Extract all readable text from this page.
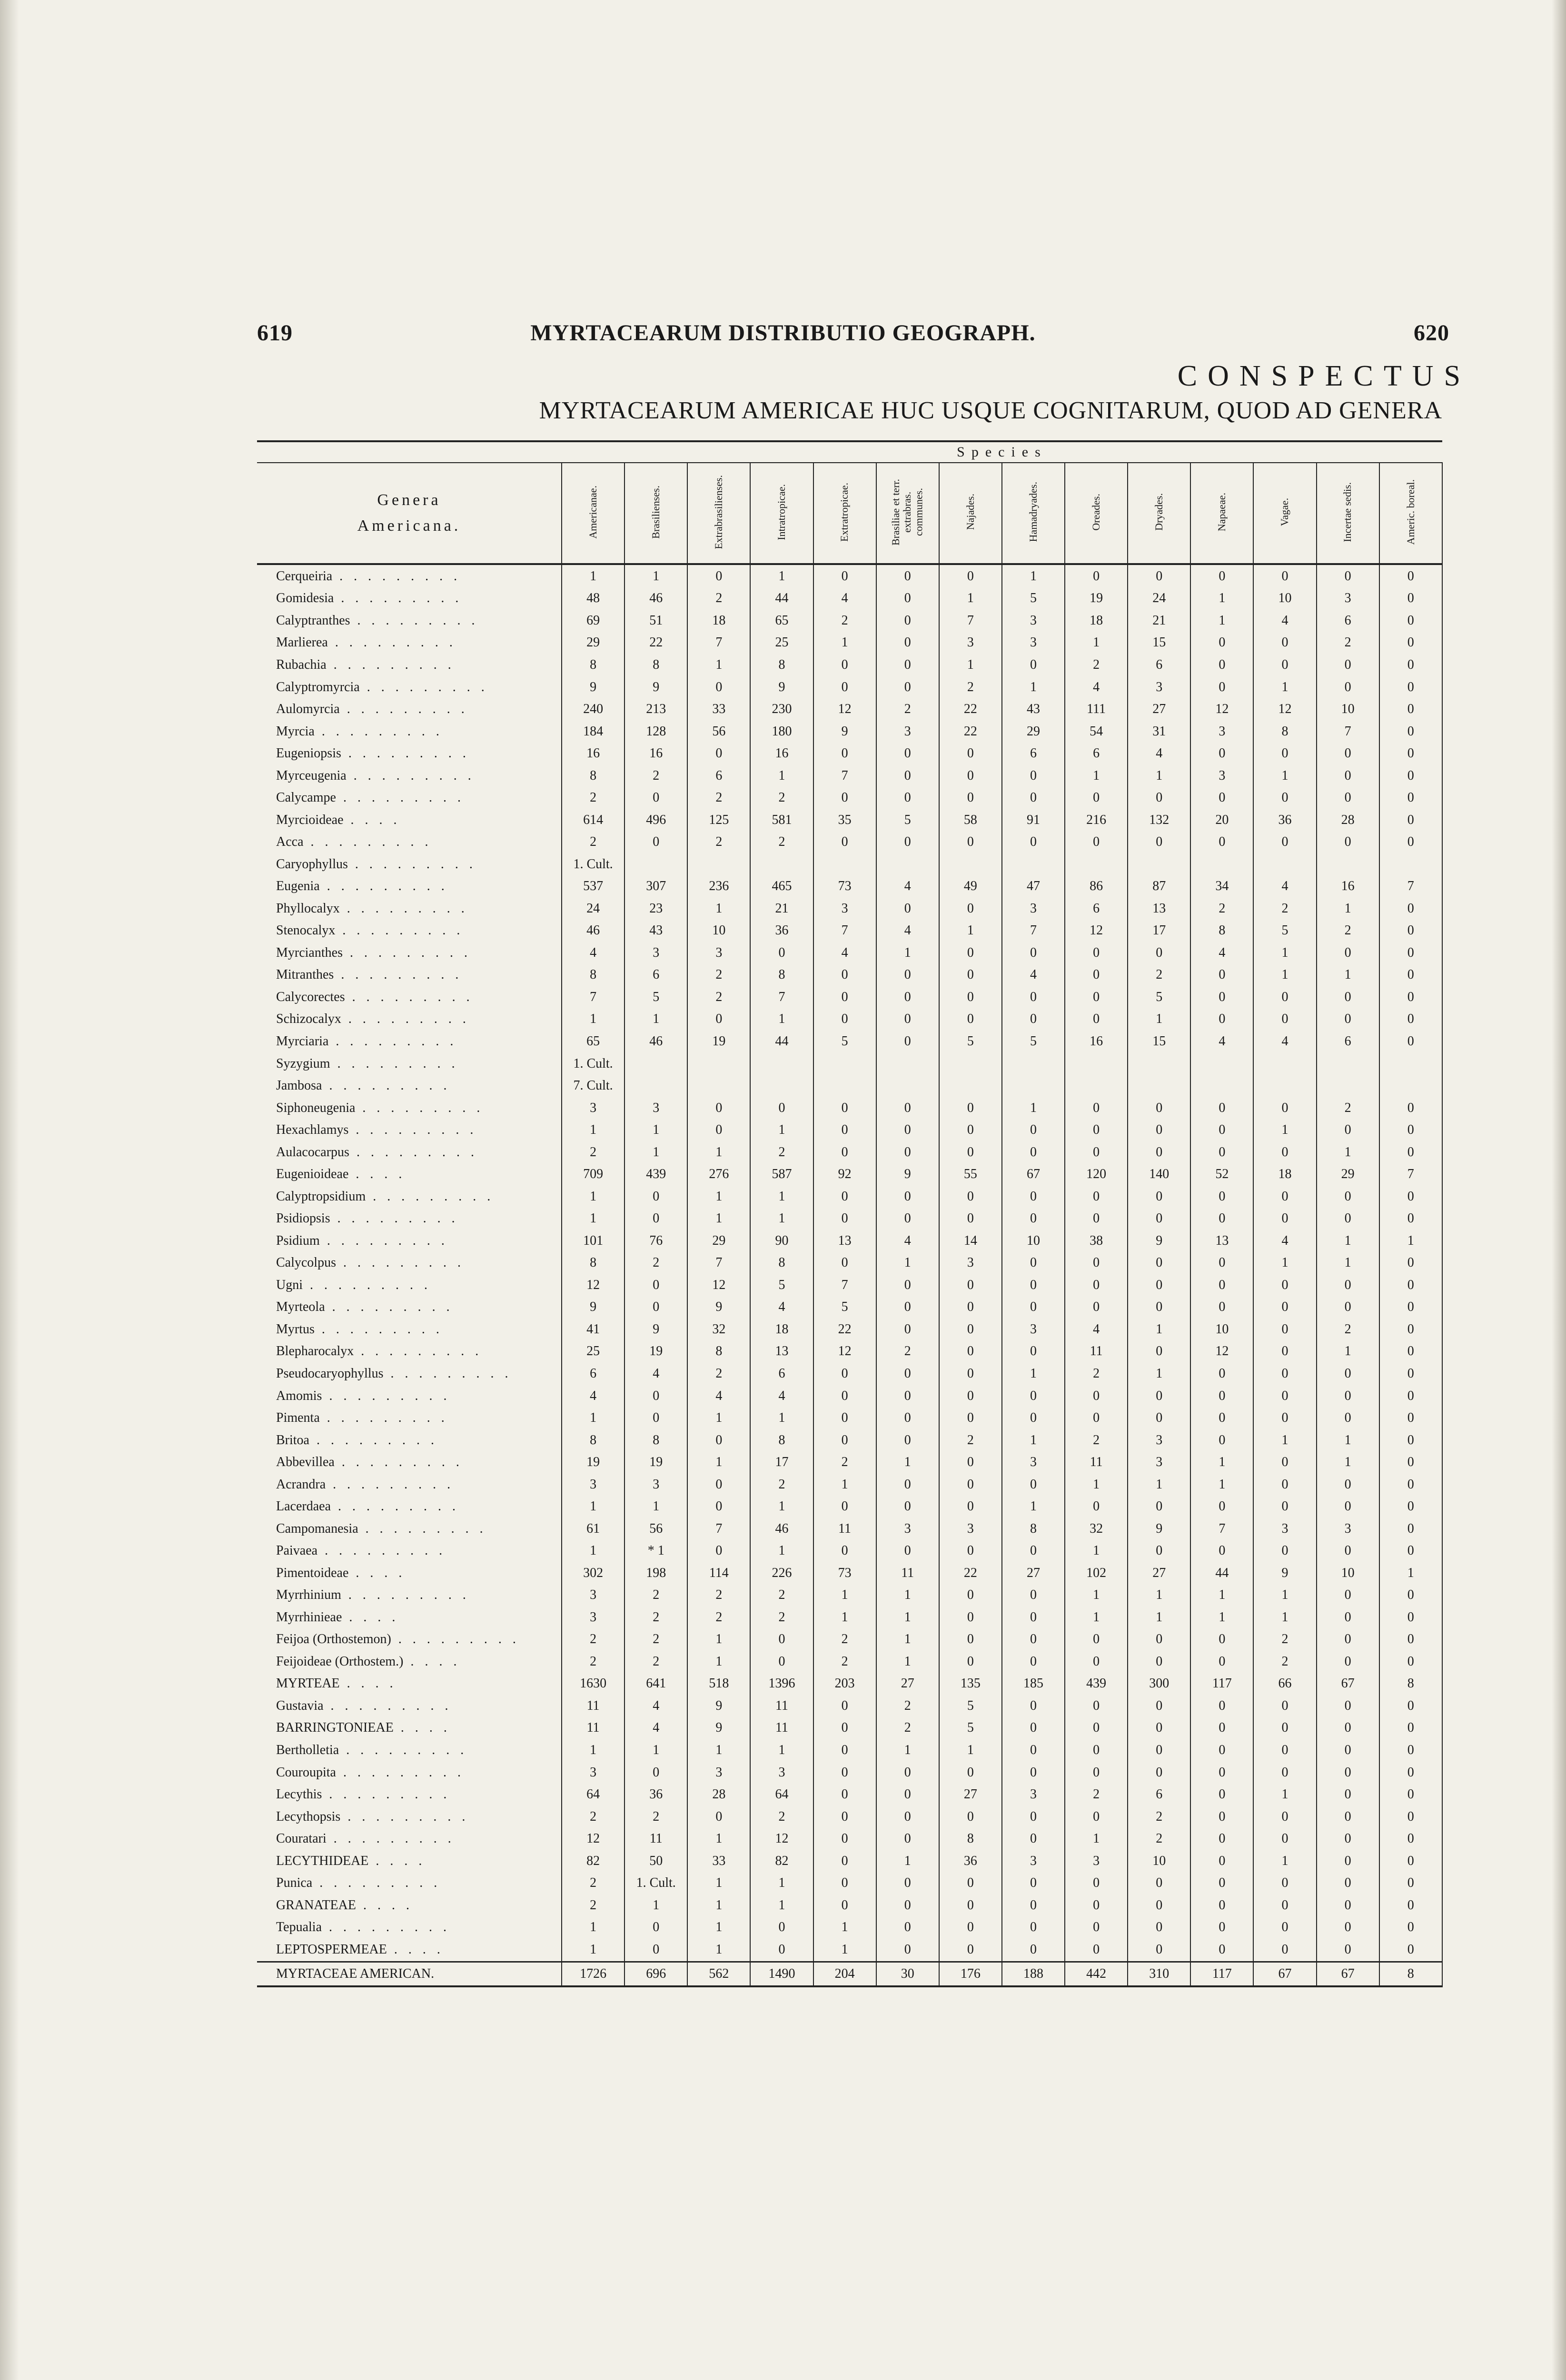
619	MYRTACEARUM DISTRIBUTIO GEOGRAPH.	620
CONSPECTUS
MYRTACEARUM AMERICAE HUC USQUE COGNITARUM, QUOD AD GENERA
	Species													

Genera
Americana.	Americanae.	Brasilienses.	Extrabrasilienses.	Intratropicae.	Extratropicae.	Brasiliae et terr. extrabras. communes.	Najades.	Hamadryades.	Oreades.	Dryades.	Napaeae.	Vagae.	Incertae sedis.	Americ. boreal.
Cerqueiria . . . . . . . . .	1	1	0	1	0	0	0	1	0	0	0	0	0	0
Gomidesia . . . . . . . . .	48	46	2	44	4	0	1	5	19	24	1	10	3	0
Calyptranthes . . . . . . . . .	69	51	18	65	2	0	7	3	18	21	1	4	6	0
Marlierea . . . . . . . . .	29	22	7	25	1	0	3	3	1	15	0	0	2	0
Rubachia . . . . . . . . .	8	8	1	8	0	0	1	0	2	6	0	0	0	0
Calyptromyrcia . . . . . . . . .	9	9	0	9	0	0	2	1	4	3	0	1	0	0
Aulomyrcia . . . . . . . . .	240	213	33	230	12	2	22	43	111	27	12	12	10	0
Myrcia . . . . . . . . .	184	128	56	180	9	3	22	29	54	31	3	8	7	0
Eugeniopsis . . . . . . . . .	16	16	0	16	0	0	0	6	6	4	0	0	0	0
Myrceugenia . . . . . . . . .	8	2	6	1	7	0	0	0	1	1	3	1	0	0
Calycampe . . . . . . . . .	2	0	2	2	0	0	0	0	0	0	0	0	0	0
Myrcioideae . . . .	614	496	125	581	35	5	58	91	216	132	20	36	28	0
Acca . . . . . . . . .	2	0	2	2	0	0	0	0	0	0	0	0	0	0
Caryophyllus . . . . . . . . .	1. Cult.													
Eugenia . . . . . . . . .	537	307	236	465	73	4	49	47	86	87	34	4	16	7
Phyllocalyx . . . . . . . . .	24	23	1	21	3	0	0	3	6	13	2	2	1	0
Stenocalyx . . . . . . . . .	46	43	10	36	7	4	1	7	12	17	8	5	2	0
Myrcianthes . . . . . . . . .	4	3	3	0	4	1	0	0	0	0	4	1	0	0
Mitranthes . . . . . . . . .	8	6	2	8	0	0	0	4	0	2	0	1	1	0
Calycorectes . . . . . . . . .	7	5	2	7	0	0	0	0	0	5	0	0	0	0
Schizocalyx . . . . . . . . .	1	1	0	1	0	0	0	0	0	1	0	0	0	0
Myrciaria . . . . . . . . .	65	46	19	44	5	0	5	5	16	15	4	4	6	0
Syzygium . . . . . . . . .	1. Cult.													
Jambosa . . . . . . . . .	7. Cult.													
Siphoneugenia . . . . . . . . .	3	3	0	0	0	0	0	1	0	0	0	0	2	0
Hexachlamys . . . . . . . . .	1	1	0	1	0	0	0	0	0	0	0	1	0	0
Aulacocarpus . . . . . . . . .	2	1	1	2	0	0	0	0	0	0	0	0	1	0
Eugenioideae . . . .	709	439	276	587	92	9	55	67	120	140	52	18	29	7
Calyptropsidium . . . . . . . . .	1	0	1	1	0	0	0	0	0	0	0	0	0	0
Psidiopsis . . . . . . . . .	1	0	1	1	0	0	0	0	0	0	0	0	0	0
Psidium . . . . . . . . .	101	76	29	90	13	4	14	10	38	9	13	4	1	1
Calycolpus . . . . . . . . .	8	2	7	8	0	1	3	0	0	0	0	1	1	0
Ugni . . . . . . . . .	12	0	12	5	7	0	0	0	0	0	0	0	0	0
Myrteola . . . . . . . . .	9	0	9	4	5	0	0	0	0	0	0	0	0	0
Myrtus . . . . . . . . .	41	9	32	18	22	0	0	3	4	1	10	0	2	0
Blepharocalyx . . . . . . . . .	25	19	8	13	12	2	0	0	11	0	12	0	1	0
Pseudocaryophyllus . . . . . . . . .	6	4	2	6	0	0	0	1	2	1	0	0	0	0
Amomis . . . . . . . . .	4	0	4	4	0	0	0	0	0	0	0	0	0	0
Pimenta . . . . . . . . .	1	0	1	1	0	0	0	0	0	0	0	0	0	0
Britoa . . . . . . . . .	8	8	0	8	0	0	2	1	2	3	0	1	1	0
Abbevillea . . . . . . . . .	19	19	1	17	2	1	0	3	11	3	1	0	1	0
Acrandra . . . . . . . . .	3	3	0	2	1	0	0	0	1	1	1	0	0	0
Lacerdaea . . . . . . . . .	1	1	0	1	0	0	0	1	0	0	0	0	0	0
Campomanesia . . . . . . . . .	61	56	7	46	11	3	3	8	32	9	7	3	3	0
Paivaea . . . . . . . . .	1	* 1	0	1	0	0	0	0	1	0	0	0	0	0
Pimentoideae . . . .	302	198	114	226	73	11	22	27	102	27	44	9	10	1
Myrrhinium . . . . . . . . .	3	2	2	2	1	1	0	0	1	1	1	1	0	0
Myrrhinieae . . . .	3	2	2	2	1	1	0	0	1	1	1	1	0	0
Feijoa (Orthostemon) . . . . . . . . .	2	2	1	0	2	1	0	0	0	0	0	2	0	0
Feijoideae (Orthostem.) . . . .	2	2	1	0	2	1	0	0	0	0	0	2	0	0
MYRTEAE . . . .	1630	641	518	1396	203	27	135	185	439	300	117	66	67	8
Gustavia . . . . . . . . .	11	4	9	11	0	2	5	0	0	0	0	0	0	0
BARRINGTONIEAE . . . .	11	4	9	11	0	2	5	0	0	0	0	0	0	0
Bertholletia . . . . . . . . .	1	1	1	1	0	1	1	0	0	0	0	0	0	0
Couroupita . . . . . . . . .	3	0	3	3	0	0	0	0	0	0	0	0	0	0
Lecythis . . . . . . . . .	64	36	28	64	0	0	27	3	2	6	0	1	0	0
Lecythopsis . . . . . . . . .	2	2	0	2	0	0	0	0	0	2	0	0	0	0
Couratari . . . . . . . . .	12	11	1	12	0	0	8	0	1	2	0	0	0	0
LECYTHIDEAE . . . .	82	50	33	82	0	1	36	3	3	10	0	1	0	0
Punica . . . . . . . . .	2	1. Cult.	1	1	0	0	0	0	0	0	0	0	0	0
GRANATEAE . . . .	2	1	1	1	0	0	0	0	0	0	0	0	0	0
Tepualia . . . . . . . . .	1	0	1	0	1	0	0	0	0	0	0	0	0	0
LEPTOSPERMEAE . . . .	1	0	1	0	1	0	0	0	0	0	0	0	0	0
MYRTACEAE AMERICAN.	1726	696	562	1490	204	30	176	188	442	310	117	67	67	8
